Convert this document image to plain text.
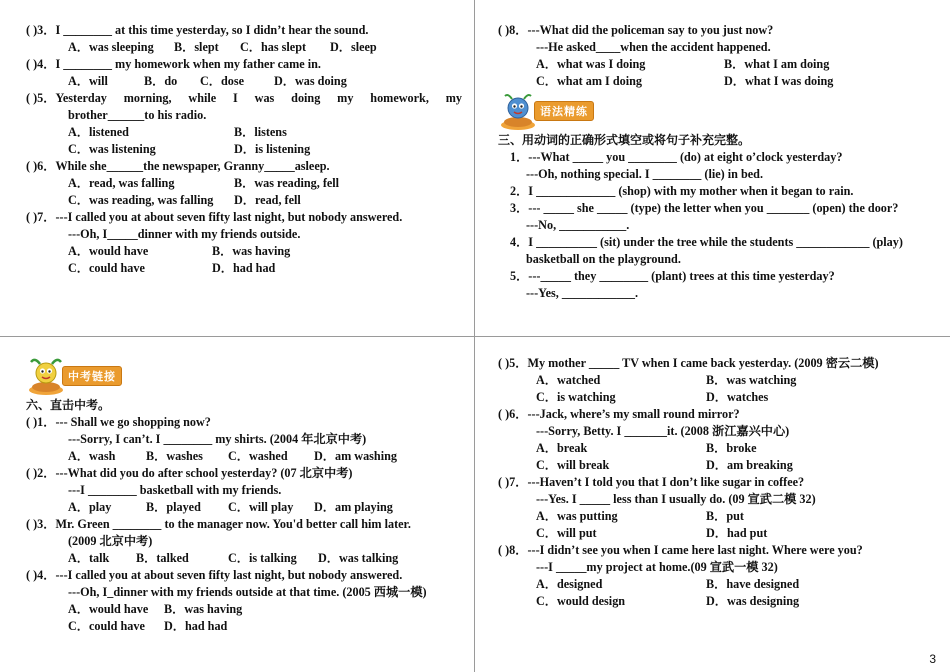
( )3．I ________ at this time yesterday, so I didn’t hear the sound.
A．was sleeping B．slept C．has slept D．sleep
( )4．I ________ my homework when my father came in.
A．will	B．do C．dose D．was doing
( )5． Yesterday morning, while I was doing my homework, my
brother______to his radio.
A．listened	B．listens
C．was listening	D．is listening
( )6．While she______the newspaper, Granny_____asleep.
A．read, was falling	B．was reading, fell
C．was reading, was falling D．read, fell
( )7．---I called you at about seven fifty last night, but nobody answered.
---Oh, I_____dinner with my friends outside.
A．would have	B．was having
C．could have	D．had had
( )8．---What did the policeman say to you just now?
---He asked____when the accident happened.
A．what was I doing	B．what I am doing
C．what am I doing	D．what I was doing
语法精练
三、用动词的正确形式填空或将句子补充完整。
1．---What _____ you ________ (do) at eight o’clock yesterday?
---Oh, nothing special. I ________ (lie) in bed.
2．I _____________ (shop) with my mother when it began to rain.
3．--- _____ she _____ (type) the letter when you _______ (open) the door?
---No, ___________.
4．I __________ (sit) under the tree while the students ____________ (play)
basketball on the playground.
5．---_____ they ________ (plant) trees at this time yesterday?
---Yes, ____________.
中考链接
六、直击中考。
( )1．--- Shall we go shopping now?
---Sorry, I can’t. I ________ my shirts. (2004 年北京中考)
A．wash	B．washes C．washed D．am washing
( )2．---What did you do after school yesterday? (07 北京中考)
---I ________ basketball with my friends.
A．play	B．played C．will play D．am playing
( )3．Mr. Green ________ to the manager now. You'd better call him later.
(2009 北京中考)
A．talk B．talked	C．is talking D．was talking
( )4．---I called you at about seven fifty last night, but nobody answered.
---Oh, I_dinner with my friends outside at that time. (2005 西城一模)
A．would have B．was having
C．could have D．had had
( )5．My mother _____ TV when I came back yesterday. (2009 密云二模)
A．watched	B．was watching
C．is watching	D．watches
( )6．---Jack, where’s my small round mirror?
---Sorry, Betty. I _______it. (2008 浙江嘉兴中心)
A．break	B．broke
C．will break	D．am breaking
( )7．---Haven’t I told you that I don’t like sugar in coffee?
---Yes. I _____ less than I usually do. (09 宣武二模 32)
A．was putting	B．put
C．will put	D．had put
( )8．---I didn’t see you when I came here last night. Where were you?
---I _____my project at home.(09 宣武一模 32)
A．designed	B．have designed
C．would design	D．was designing
3
